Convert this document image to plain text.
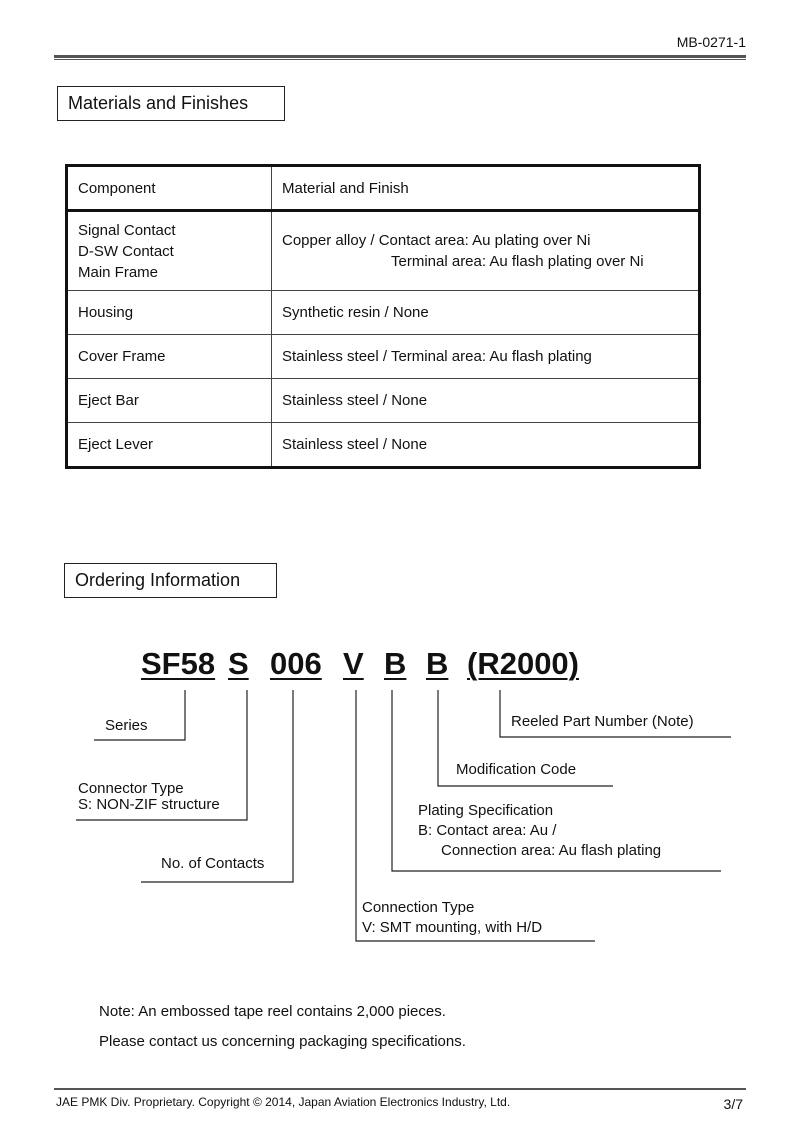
MB-0271-1
Materials and Finishes
Component	Material and Finish

Signal Contact
D-SW Contact
Main Frame	Copper alloy / Contact area: Au plating over Ni
Terminal area: Au flash plating over Ni

Housing	Synthetic resin / None
Cover Frame	Stainless steel / Terminal area: Au flash plating
Eject Bar	Stainless steel / None
Eject Lever	Stainless steel / None
Ordering Information
SF58 S 006 V B B (R2000)
Series
Connector Type
S: NON-ZIF structure
No. of Contacts
Connection Type
V: SMT mounting, with H/D
Plating Specification
B: Contact area: Au /
Connection area: Au flash plating
Modification Code
Reeled Part Number (Note)
Note: An embossed tape reel contains 2,000 pieces.
Please contact us concerning packaging specifications.
JAE PMK Div. Proprietary. Copyright © 2014, Japan Aviation Electronics Industry, Ltd.	3/7
